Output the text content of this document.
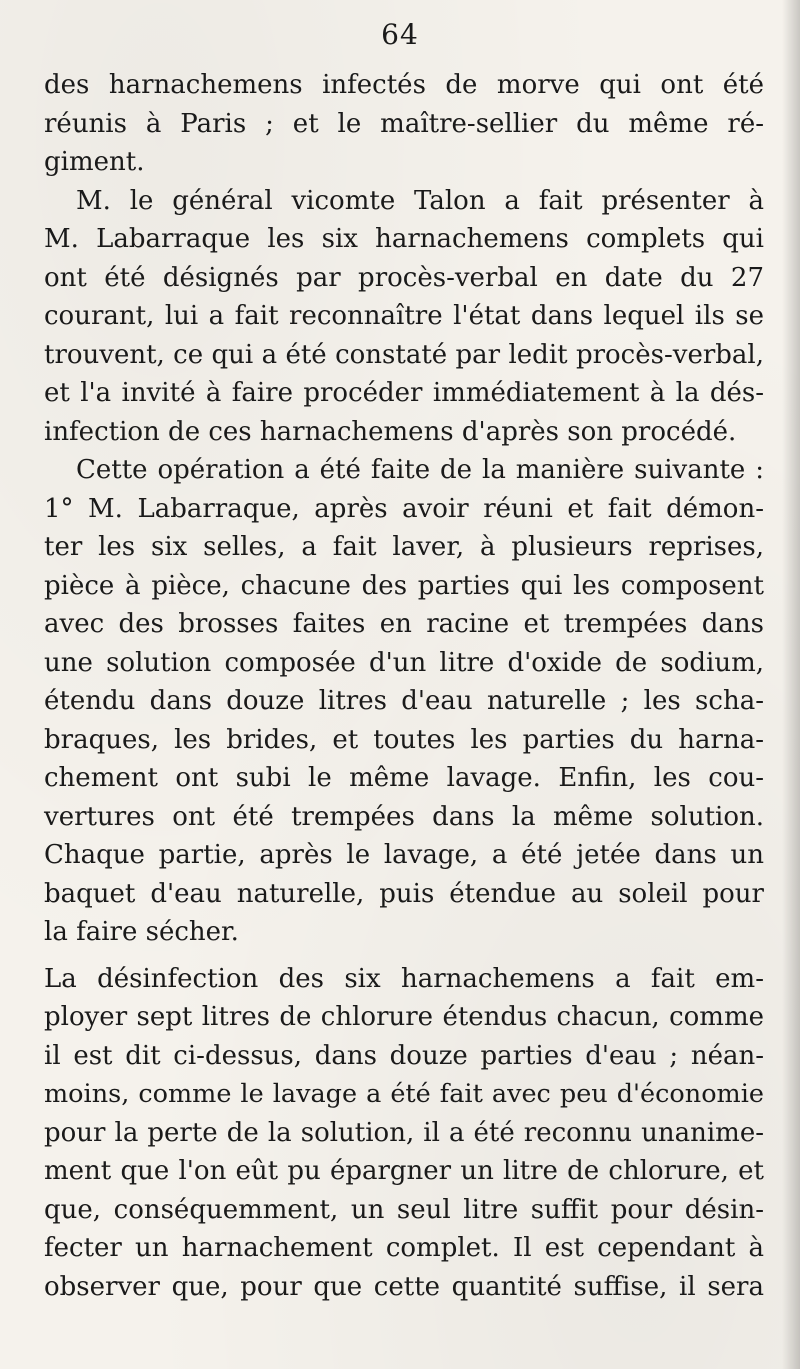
64
des harnachemens infectés de morve qui ont été
réunis à Paris ; et le maître-sellier du même ré-
giment.
M. le général vicomte Talon a fait présenter à
M. Labarraque les six harnachemens complets qui
ont été désignés par procès-verbal en date du 27
courant, lui a fait reconnaître l'état dans lequel ils se
trouvent, ce qui a été constaté par ledit procès-verbal,
et l'a invité à faire procéder immédiatement à la dés-
infection de ces harnachemens d'après son procédé.
Cette opération a été faite de la manière suivante :
1° M. Labarraque, après avoir réuni et fait démon-
ter les six selles, a fait laver, à plusieurs reprises,
pièce à pièce, chacune des parties qui les composent
avec des brosses faites en racine et trempées dans
une solution composée d'un litre d'oxide de sodium,
étendu dans douze litres d'eau naturelle ; les scha-
braques, les brides, et toutes les parties du harna-
chement ont subi le même lavage. Enfin, les cou-
vertures ont été trempées dans la même solution.
Chaque partie, après le lavage, a été jetée dans un
baquet d'eau naturelle, puis étendue au soleil pour
la faire sécher.
La désinfection des six harnachemens a fait em-
ployer sept litres de chlorure étendus chacun, comme
il est dit ci-dessus, dans douze parties d'eau ; néan-
moins, comme le lavage a été fait avec peu d'économie
pour la perte de la solution, il a été reconnu unanime-
ment que l'on eût pu épargner un litre de chlorure, et
que, conséquemment, un seul litre suffit pour désin-
fecter un harnachement complet. Il est cependant à
observer que, pour que cette quantité suffise, il sera
